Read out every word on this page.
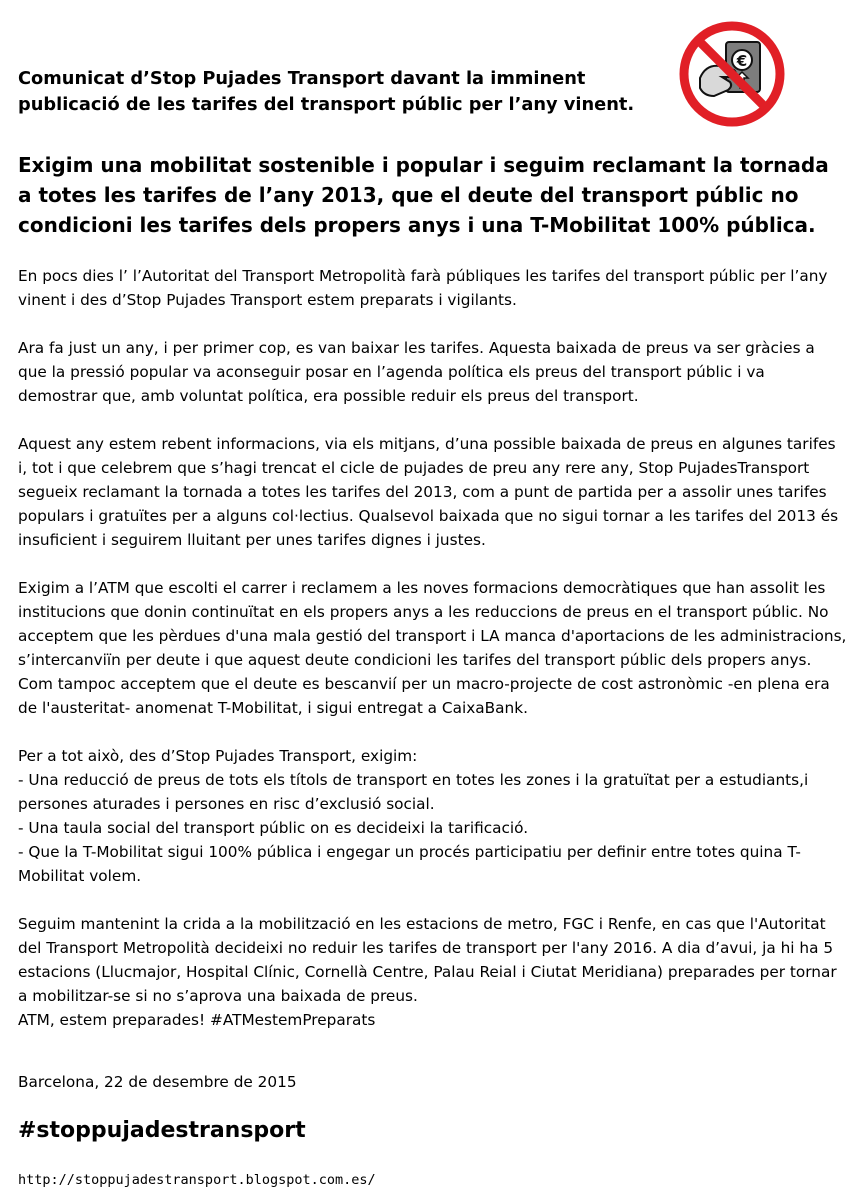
€
Comunicat d’Stop Pujades Transport davant la imminent publicació de les tarifes del transport públic per l’any vinent.
Exigim una mobilitat sostenible i popular i seguim reclamant la tornada a totes les tarifes de l’any 2013, que el deute del transport públic no condicioni les tarifes dels propers anys i una T-Mobilitat 100% pública.

En pocs dies l’ l’Autoritat del Transport Metropolità farà públiques les tarifes del transport públic per l’any vinent i des d’Stop Pujades Transport estem preparats i vigilants.

Ara fa just un any, i per primer cop, es van baixar les tarifes. Aquesta baixada de preus va ser gràcies a que la pressió popular va aconseguir posar en l’agenda política els preus del transport públic i va demostrar que, amb voluntat política, era possible reduir els preus del transport.

Aquest any estem rebent informacions, via els mitjans, d’una possible baixada de preus en algunes tarifes i, tot i que celebrem que s’hagi trencat el cicle de pujades de preu any rere any, Stop PujadesTransport segueix reclamant la tornada a totes les tarifes del 2013, com a punt de partida per a assolir unes tarifes populars i gratuïtes per a alguns col·lectius. Qualsevol baixada que no sigui tornar a les tarifes del 2013 és insuficient i seguirem lluitant per unes tarifes dignes i justes.

Exigim a l’ATM que escolti el carrer i reclamem a les noves formacions democràtiques que han assolit les institucions que donin continuïtat en els propers anys a les reduccions de preus en el transport públic. No acceptem que les pèrdues d'una mala gestió del transport i LA manca d'aportacions de les administracions, s’intercanviïn per deute i que aquest deute condicioni les tarifes del transport públic dels propers anys. Com tampoc acceptem que el deute es bescanvií per un macro-projecte de cost astronòmic -en plena era de l'austeritat- anomenat T-Mobilitat, i sigui entregat a CaixaBank.

Per a tot això, des d’Stop Pujades Transport, exigim:
- Una reducció de preus de tots els títols de transport en totes les zones i la gratuïtat per a estudiants,i persones aturades i persones en risc d’exclusió social.
- Una taula social del transport públic on es decideixi la tarificació.
- Que la T-Mobilitat sigui 100% pública i engegar un procés participatiu per definir entre totes quina T-Mobilitat volem.
Seguim mantenint la crida a la mobilització en les estacions de metro, FGC i Renfe, en cas que l'Autoritat del Transport Metropolità decideixi no reduir les tarifes de transport per l'any 2016. A dia d’avui, ja hi ha 5 estacions (Llucmajor, Hospital Clínic, Cornellà Centre, Palau Reial i Ciutat Meridiana) preparades per tornar a mobilitzar-se si no s’aprova una baixada de preus.
ATM, estem preparades! #ATMestemPreparats
Barcelona, 22 de desembre de 2015
#stoppujadestransport
http://stoppujadestransport.blogspot.com.es/
